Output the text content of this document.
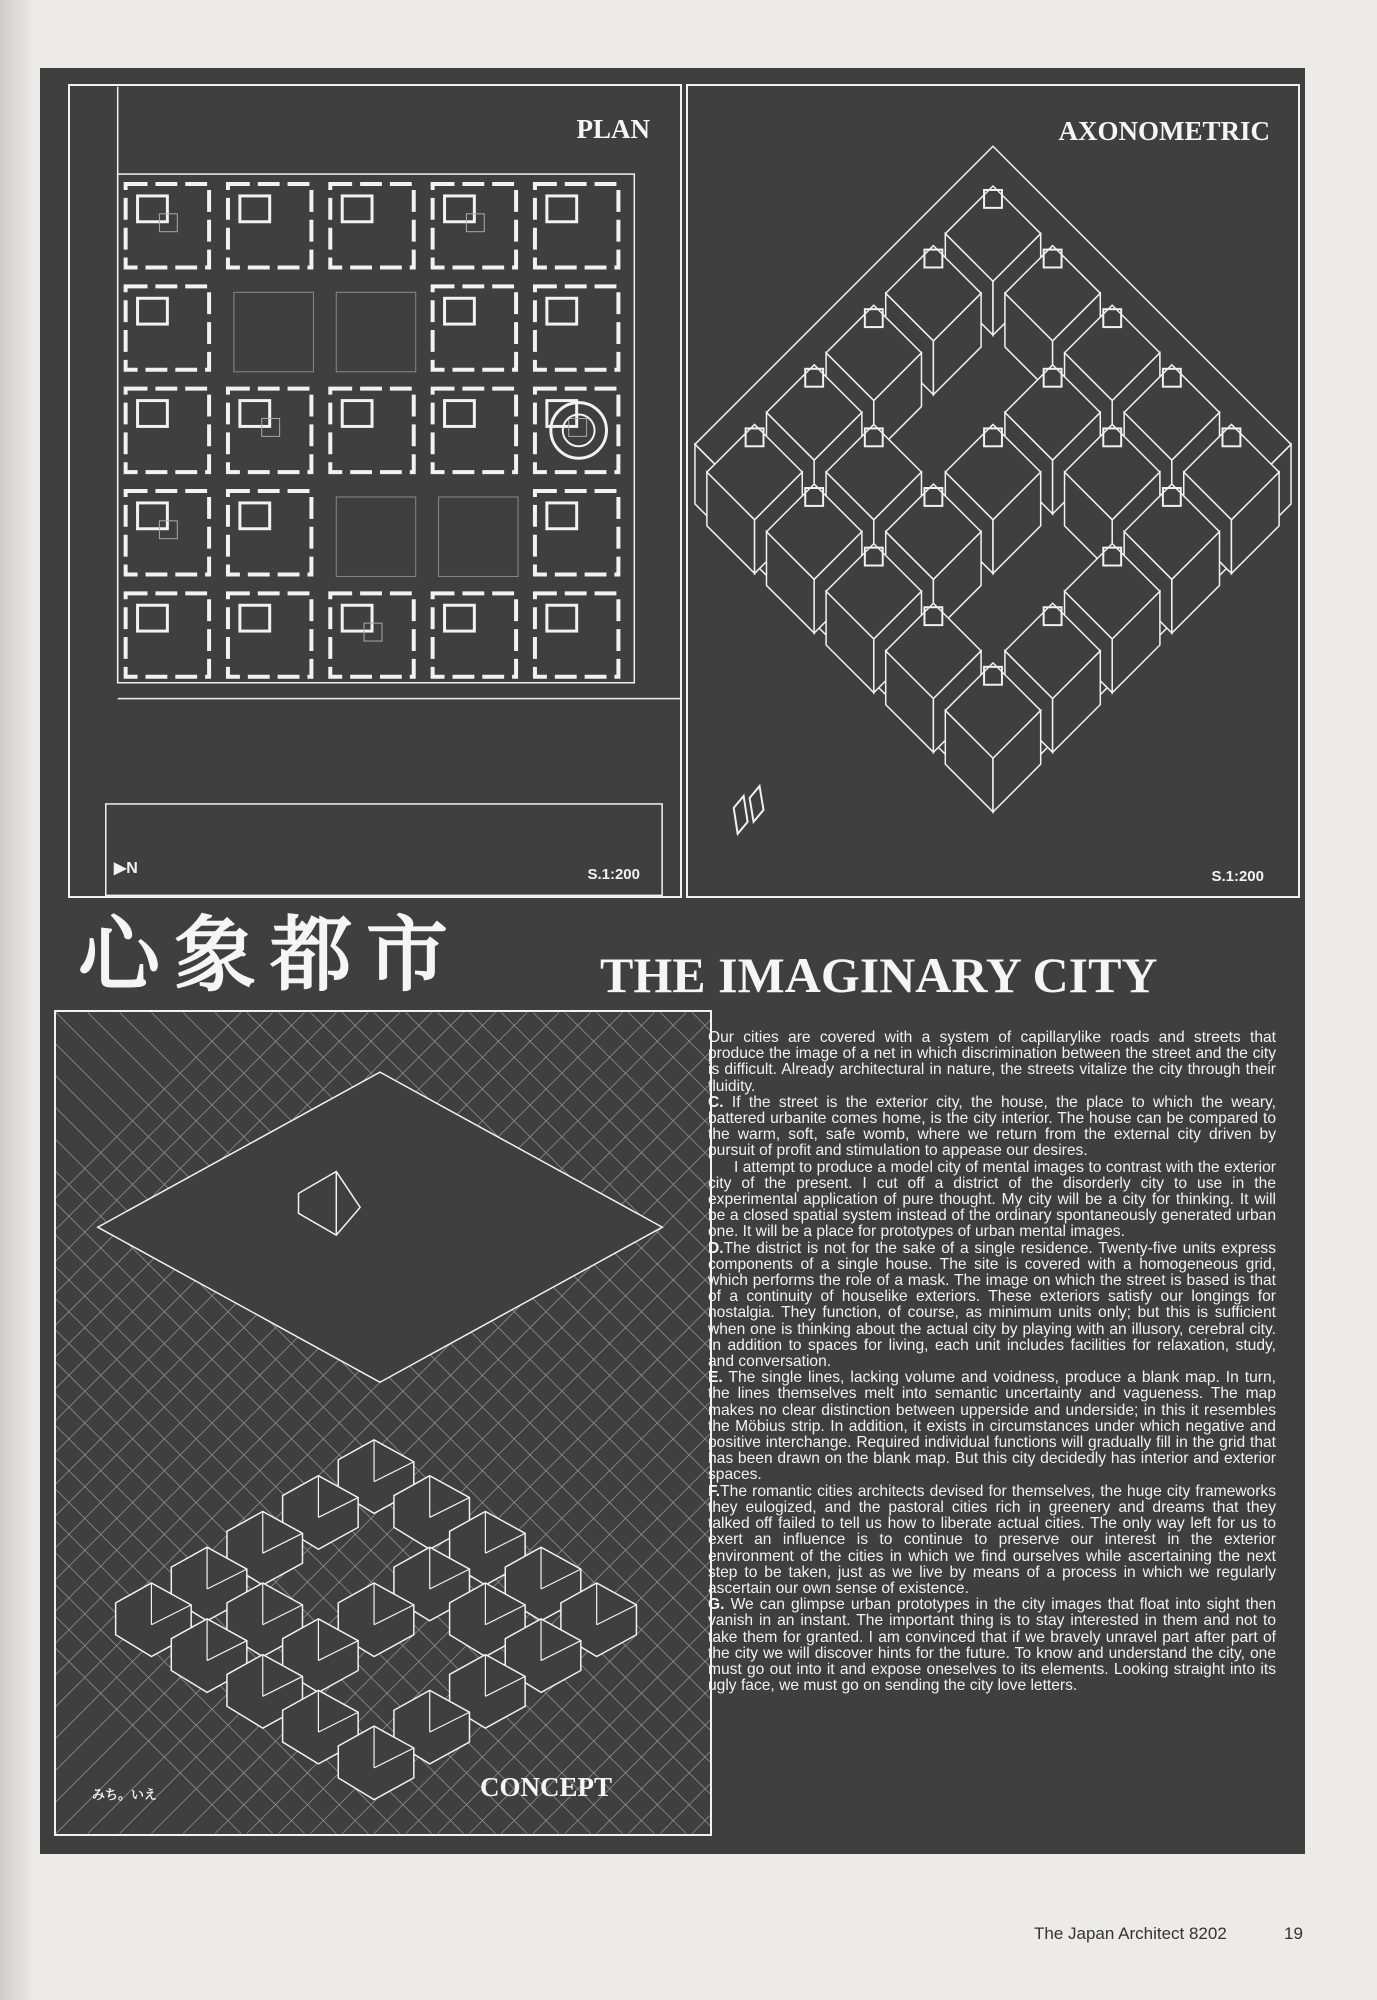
PLAN
▶N	S.1:200
AXONOMETRIC
S.1:200
CONCEPT
みち。いえ
心象都市	THE IMAGINARY CITY

Our cities are covered with a system of capillarylike roads and streets that produce the image of a net in which discrimination between the street and the city is difficult. Already architectural in nature, the streets vitalize the city through their fluidity.

C. If the street is the exterior city, the house, the place to which the weary, battered urbanite comes home, is the city interior. The house can be compared to the warm, soft, safe womb, where we return from the external city driven by pursuit of profit and stimulation to appease our desires.

I attempt to produce a model city of mental images to contrast with the exterior city of the present. I cut off a district of the disorderly city to use in the experimental application of pure thought. My city will be a city for thinking. It will be a closed spatial system instead of the ordinary spontaneously generated urban one. It will be a place for prototypes of urban mental images.

D.The district is not for the sake of a single residence. Twenty-five units express components of a single house. The site is covered with a homogeneous grid, which performs the role of a mask. The image on which the street is based is that of a continuity of houselike exteriors. These exteriors satisfy our longings for nostalgia. They function, of course, as minimum units only; but this is sufficient when one is thinking about the actual city by playing with an illusory, cerebral city. In addition to spaces for living, each unit includes facilities for relaxation, study, and conversation.

E. The single lines, lacking volume and voidness, produce a blank map. In turn, the lines themselves melt into semantic uncertainty and vagueness. The map makes no clear distinction between upperside and underside; in this it resembles the Möbius strip. In addition, it exists in circumstances under which negative and positive interchange. Required individual functions will gradually fill in the grid that has been drawn on the blank map. But this city decidedly has interior and exterior spaces.

F.The romantic cities architects devised for themselves, the huge city frameworks they eulogized, and the pastoral cities rich in greenery and dreams that they talked off failed to tell us how to liberate actual cities. The only way left for us to exert an influence is to continue to preserve our interest in the exterior environment of the cities in which we find ourselves while ascertaining the next step to be taken, just as we live by means of a process in which we regularly ascertain our own sense of existence.

G. We can glimpse urban prototypes in the city images that float into sight then vanish in an instant. The important thing is to stay interested in them and not to take them for granted. I am convinced that if we bravely unravel part after part of the city we will discover hints for the future. To know and understand the city, one must go out into it and expose oneselves to its elements. Looking straight into its ugly face, we must go on sending the city love letters.

The Japan Architect 8202	19
